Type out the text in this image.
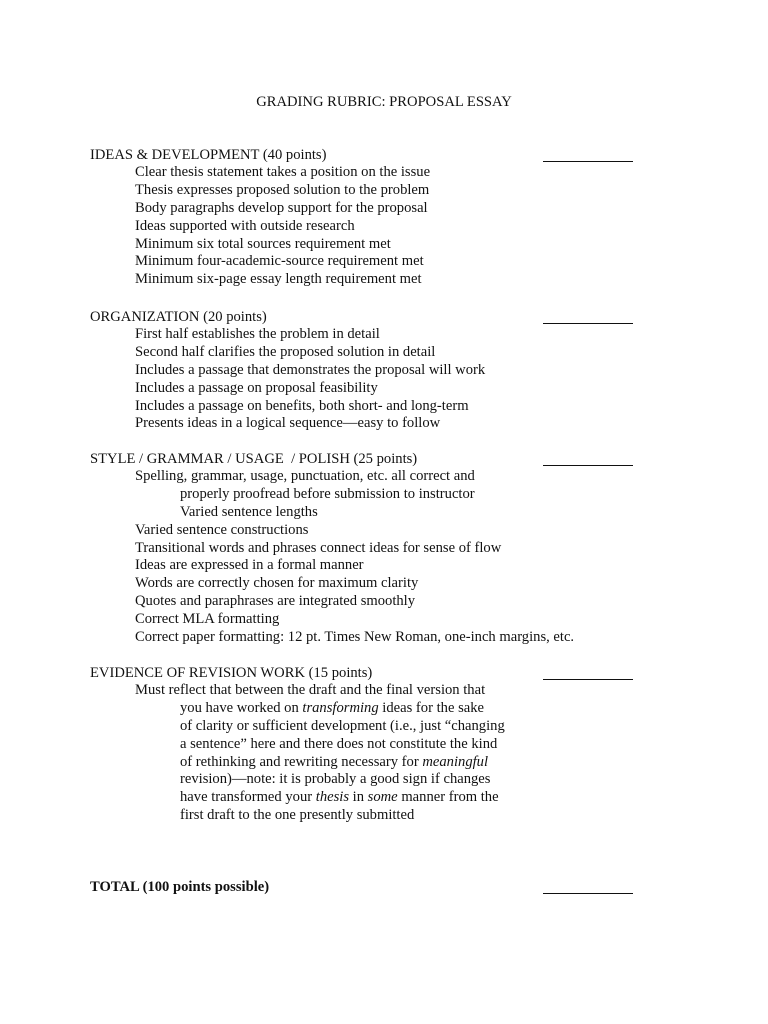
GRADING RUBRIC: PROPOSAL ESSAY
IDEAS & DEVELOPMENT (40 points)
Clear thesis statement takes a position on the issue
Thesis expresses proposed solution to the problem
Body paragraphs develop support for the proposal
Ideas supported with outside research
Minimum six total sources requirement met
Minimum four-academic-source requirement met
Minimum six-page essay length requirement met
ORGANIZATION (20 points)
First half establishes the problem in detail
Second half clarifies the proposed solution in detail
Includes a passage that demonstrates the proposal will work
Includes a passage on proposal feasibility
Includes a passage on benefits, both short- and long-term
Presents ideas in a logical sequence—easy to follow
STYLE / GRAMMAR / USAGE  / POLISH (25 points)
Spelling, grammar, usage, punctuation, etc. all correct and
properly proofread before submission to instructor
Varied sentence lengths
Varied sentence constructions
Transitional words and phrases connect ideas for sense of flow
Ideas are expressed in a formal manner
Words are correctly chosen for maximum clarity
Quotes and paraphrases are integrated smoothly
Correct MLA formatting
Correct paper formatting: 12 pt. Times New Roman, one-inch margins, etc.
EVIDENCE OF REVISION WORK (15 points)
Must reflect that between the draft and the final version that
you have worked on transforming ideas for the sake
of clarity or sufficient development (i.e., just “changing
a sentence” here and there does not constitute the kind
of rethinking and rewriting necessary for meaningful
revision)—note: it is probably a good sign if changes
have transformed your thesis in some manner from the
first draft to the one presently submitted
TOTAL (100 points possible)
